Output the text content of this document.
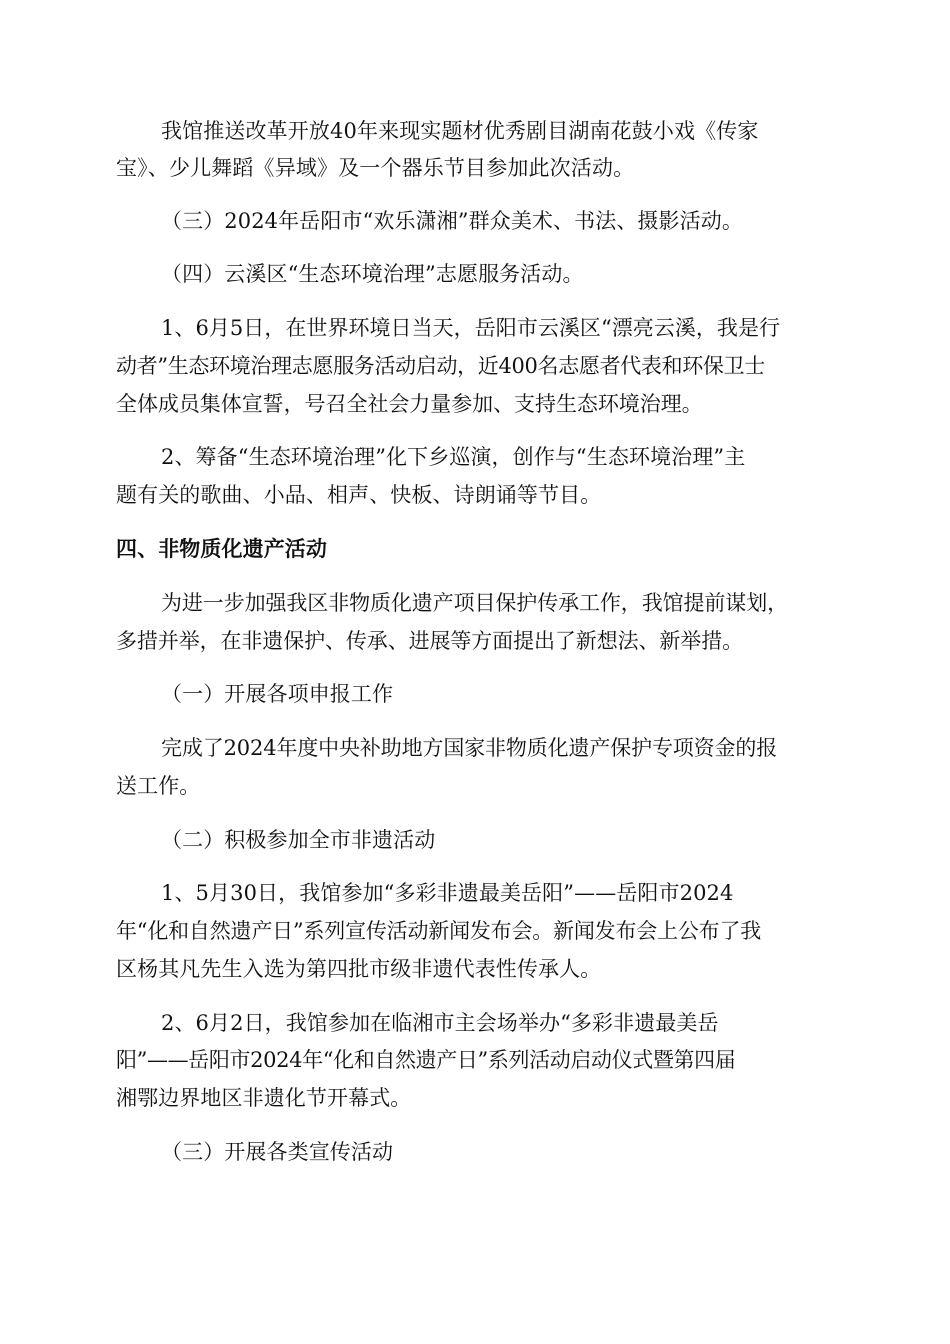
我馆推送改革开放40年来现实题材优秀剧目湖南花鼓小戏《传家
宝》、少儿舞蹈《异域》及一个器乐节目参加此次活动。
（三）2024年岳阳市“欢乐潇湘”群众美术、书法、摄影活动。
（四）云溪区“生态环境治理”志愿服务活动。
1、6月5日，在世界环境日当天，岳阳市云溪区“漂亮云溪，我是行
动者”生态环境治理志愿服务活动启动，近400名志愿者代表和环保卫士
全体成员集体宣誓，号召全社会力量参加、支持生态环境治理。
2、筹备“生态环境治理”化下乡巡演，创作与“生态环境治理”主
题有关的歌曲、小品、相声、快板、诗朗诵等节目。
四、非物质化遗产活动
为进一步加强我区非物质化遗产项目保护传承工作，我馆提前谋划，
多措并举，在非遗保护、传承、进展等方面提出了新想法、新举措。
（一）开展各项申报工作
完成了2024年度中央补助地方国家非物质化遗产保护专项资金的报
送工作。
（二）积极参加全市非遗活动
1、5月30日，我馆参加“多彩非遗最美岳阳”——岳阳市2024
年“化和自然遗产日”系列宣传活动新闻发布会。新闻发布会上公布了我
区杨其凡先生入选为第四批市级非遗代表性传承人。
2、6月2日，我馆参加在临湘市主会场举办“多彩非遗最美岳
阳”——岳阳市2024年“化和自然遗产日”系列活动启动仪式暨第四届
湘鄂边界地区非遗化节开幕式。
（三）开展各类宣传活动
